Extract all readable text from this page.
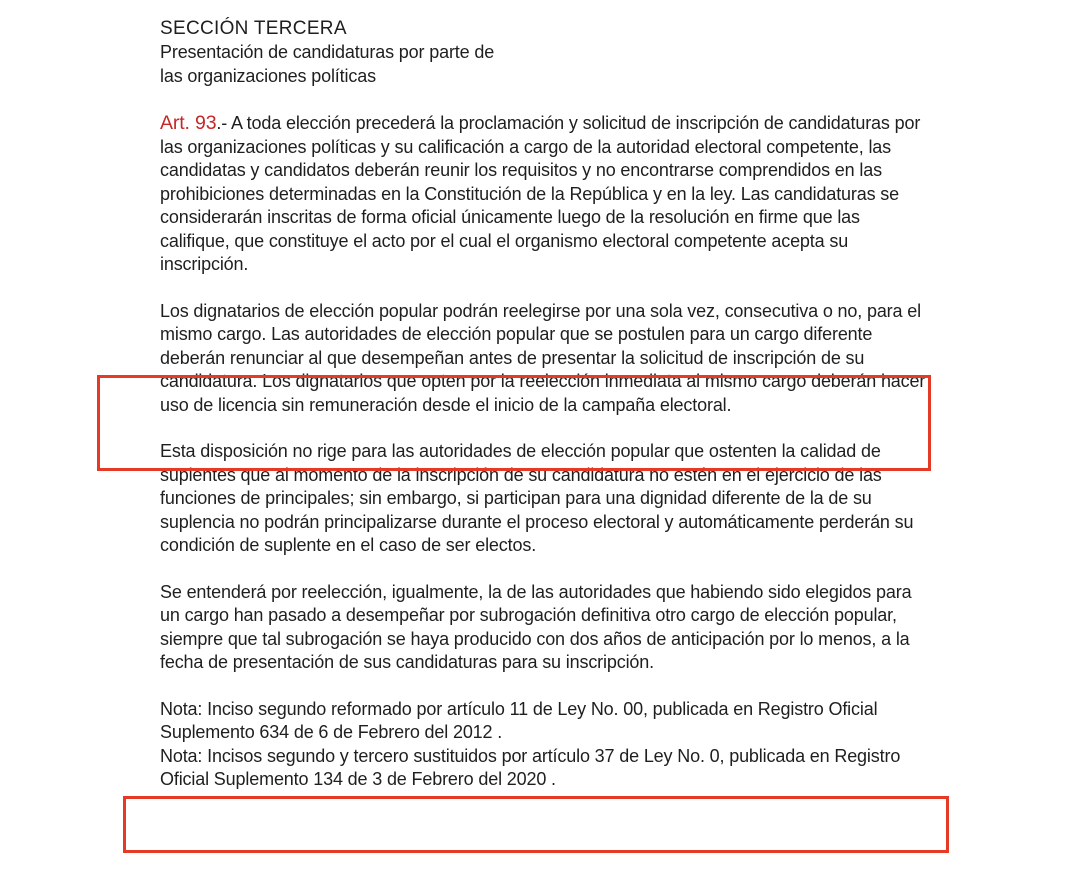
SECCIÓN TERCERA
Presentación de candidaturas por parte de
las organizaciones políticas

Art. 93.- A toda elección precederá la proclamación y solicitud de inscripción de candidaturas por las organizaciones políticas y su calificación a cargo de la autoridad electoral competente, las candidatas y candidatos deberán reunir los requisitos y no encontrarse comprendidos en las prohibiciones determinadas en la Constitución de la República y en la ley. Las candidaturas se considerarán inscritas de forma oficial únicamente luego de la resolución en firme que las califique, que constituye el acto por el cual el organismo electoral competente acepta su inscripción.

Los dignatarios de elección popular podrán reelegirse por una sola vez, consecutiva o no, para el mismo cargo. Las autoridades de elección popular que se postulen para un cargo diferente deberán renunciar al que desempeñan antes de presentar la solicitud de inscripción de su candidatura. Los dignatarios que opten por la reelección inmediata al mismo cargo deberán hacer uso de licencia sin remuneración desde el inicio de la campaña electoral.

Esta disposición no rige para las autoridades de elección popular que ostenten la calidad de suplentes que al momento de la inscripción de su candidatura no estén en el ejercicio de las funciones de principales; sin embargo, si participan para una dignidad diferente de la de su suplencia no podrán principalizarse durante el proceso electoral y automáticamente perderán su condición de suplente en el caso de ser electos.

Se entenderá por reelección, igualmente, la de las autoridades que habiendo sido elegidos para un cargo han pasado a desempeñar por subrogación definitiva otro cargo de elección popular, siempre que tal subrogación se haya producido con dos años de anticipación por lo menos, a la fecha de presentación de sus candidaturas para su inscripción.

Nota: Inciso segundo reformado por artículo 11 de Ley No. 00, publicada en Registro Oficial Suplemento 634 de 6 de Febrero del 2012 .

Nota: Incisos segundo y tercero sustituidos por artículo 37 de Ley No. 0, publicada en Registro Oficial Suplemento 134 de 3 de Febrero del 2020 .
